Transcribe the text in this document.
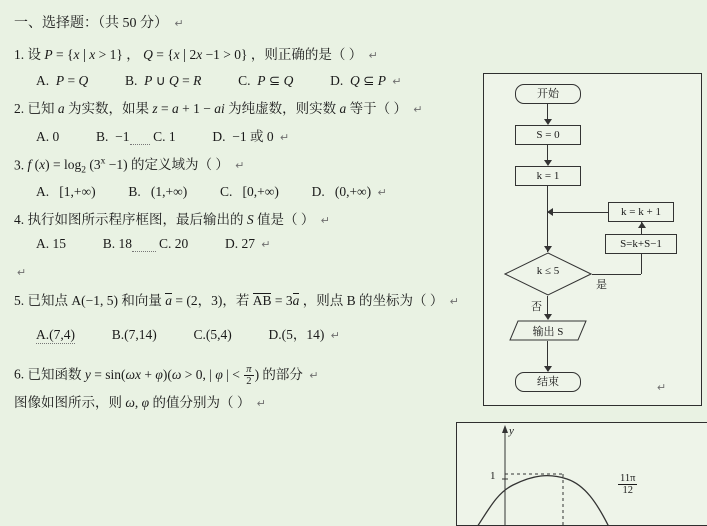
一、选择题：（共 50 分） ↵
1. 设 P = {x | x > 1} ， Q = {x | 2x −1 > 0} ，则正确的是（ ） ↵
A.  P = Q	B.  P ∪ Q = R	C.  P ⊆ Q	D.  Q ⊆ P ↵
2. 已知 a 为实数，如果 z = a + 1 − ai 为纯虚数，则实数 a 等于（ ） ↵
A. 0	B.  −1 C. 1	D.  −1 或 0 ↵
3. f $(x) = \log_2 (3^x -1)$ 的定义域为（ ） ↵
A.   [1,+∞) B.   (1,+∞) C.   [0,+∞) D.   (0,+∞) ↵
4. 执行如图所示程序框图，最后输出的 S 值是（ ） ↵
A. 15	B. 18 C. 20	D. 27 ↵
↵
5. 已知点 A(−1, 5) 和向量 a = (2，3)，若 AB = 3a ，则点 B 的坐标为（ ） ↵
A.(7,4)	B.(7,14)	C.(5,4)	D.(5，14) ↵
6. 已知函数 y = sin(ωx + φ)(ω > 0, | φ | < $\frac{\pi}{2}$ ) 的部分 ↵
图像如图所示，则 ω, φ 的值分别为（ ） ↵
开始
S = 0
k = 1
k = k + 1
S=k+S−1
k ≤ 5
是
否
输出 S
结束	↵
y
1	$\frac{11\pi}{12}$
